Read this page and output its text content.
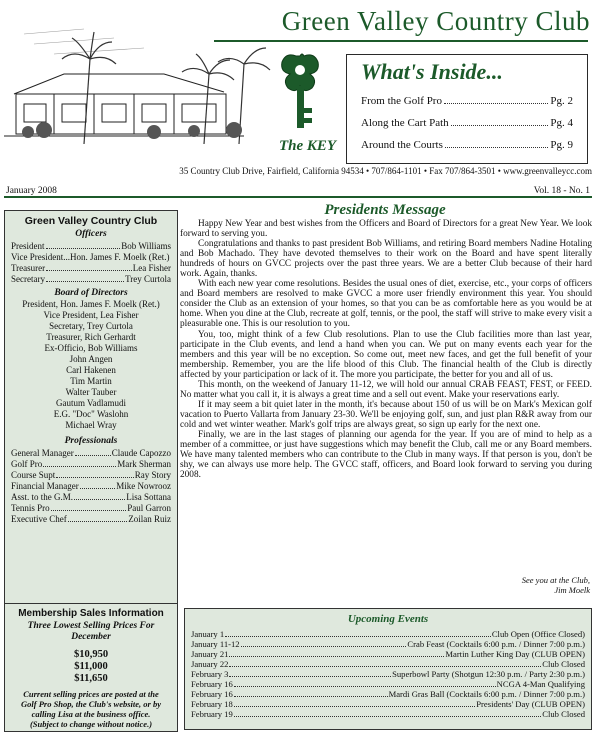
The KEY
Green Valley Country Club
What's Inside...
From the Golf Pro	Pg. 2
Along the Cart Path	Pg. 4
Around the Courts	Pg. 9
35 Country Club Drive, Fairfield, California 94534 • 707/864-1101 • Fax 707/864-3501 • www.greenvalleycc.com
January 2008	Vol. 18 - No. 1
Green Valley Country Club
Officers
President	Bob Williams
Vice President...Hon. James F. Moelk (Ret.)
Treasurer	Lea Fisher
Secretary	Trey Curtola
Board of Directors
President, Hon. James F. Moelk (Ret.)
Vice President, Lea Fisher
Secretary, Trey Curtola
Treasurer, Rich Gerhardt
Ex-Officio, Bob Williams
John Angen
Carl Hakenen
Tim Martin
Walter Tauber
Gautum Vadlamudi
E.G. "Doc" Waslohn
Michael Wray
Professionals
General Manager	Claude Capozzo
Golf Pro	Mark Sherman
Course Supt	Ray Story
Financial Manager	Mike Nowrooz
Asst. to the G.M.	Lisa Sottana
Tennis Pro	Paul Garron
Executive Chef	Zoilan Ruiz
Membership Sales Information
Three Lowest Selling Prices For
December
$10,950
$11,000
$11,650
Current selling prices are posted at the
Golf Pro Shop, the Club's website, or by
calling Lisa at the business office.
(Subject to change without notice.)
Presidents Message

Happy New Year and best wishes from the Officers and Board of Directors for a great New Year. We look forward to serving you.

Congratulations and thanks to past president Bob Williams, and retiring Board members Nadine Hotaling and Bob Machado. They have devoted themselves to their work on the Board and have spent literally hundreds of hours on GVCC projects over the past three years. We are a better Club because of their hard work. Again, thanks.

With each new year come resolutions. Besides the usual ones of diet, exercise, etc., your corps of officers and Board members are resolved to make GVCC a more user friendly environment this year. You should consider the Club as an extension of your homes, so that you can be as comfortable here as you would be at home. When you dine at the Club, recreate at golf, tennis, or the pool, the staff will strive to make every visit a pleasurable one. This is our resolution to you.

You, too, might think of a few Club resolutions. Plan to use the Club facilities more than last year, participate in the Club events, and lend a hand when you can. We put on many events each year for the members and this year will be no exception. So come out, meet new faces, and get the full benefit of your membership. Remember, you are the life blood of this Club. The financial health of the Club is directly affected by your participation or lack of it. The more you participate, the better for you and all of us.

This month, on the weekend of January 11-12, we will hold our annual CRAB FEAST, FEST, or FEED. No matter what you call it, it is always a great time and a sell out event. Make your reservations early.

If it may seem a bit quiet later in the month, it's because about 150 of us will be on Mark's Mexican golf vacation to Puerto Vallarta from January 23-30. We'll be enjoying golf, sun, and just plan R&R away from our cold and wet winter weather. Mark's golf trips are always great, so sign up early for the next one.

Finally, we are in the last stages of planning our agenda for the year. If you are of mind to help as a member of a committee, or just have suggestions which may benefit the Club, call me or any Board members. We have many talented members who can contribute to the Club in many ways. If that person is you, don't be shy, we can always use more help. The GVCC staff, officers, and Board look forward to serving you during 2008.

See you at the Club,
Jim Moelk
Upcoming Events
January 1	Club Open (Office Closed)
January 11-12	Crab Feast (Cocktails 6:00 p.m. / Dinner 7:00 p.m.)
January 21	Martin Luther King Day (CLUB OPEN)
January 22	Club Closed
February 3	Superbowl Party (Shotgun 12:30 p.m. / Party 2:30 p.m.)
February 16	NCGA 4-Man Qualifying
February 16	Mardi Gras Ball (Cocktails 6:00 p.m. / Dinner 7:00 p.m.)
February 18	Presidents' Day (CLUB OPEN)
February 19	Club Closed
